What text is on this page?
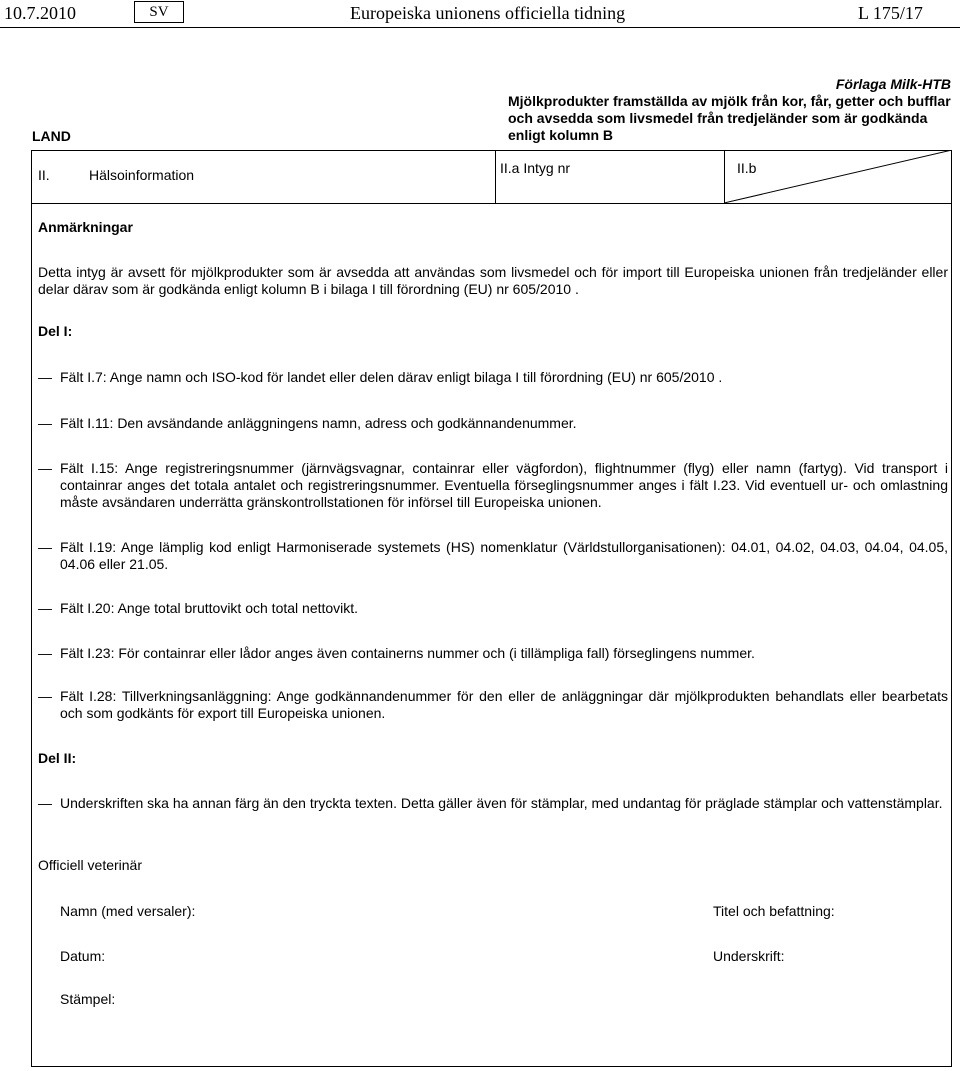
10.7.2010	SV	Europeiska unionens officiella tidning	L 175/17
Förlaga Milk-HTB
Mjölkprodukter framställda av mjölk från kor, får, getter och bufflar och avsedda som livsmedel från tredjeländer som är godkända enligt kolumn B
LAND
II.	Hälsoinformation	II.a Intyg nr	II.b
Anmärkningar
Detta intyg är avsett för mjölkprodukter som är avsedda att användas som livsmedel och för import till Europeiska unionen från tredjeländer eller delar därav som är godkända enligt kolumn B i bilaga I till förordning (EU) nr 605/2010 .
Del I:
— Fält I.7: Ange namn och ISO-kod för landet eller delen därav enligt bilaga I till förordning (EU) nr 605/2010 .
— Fält I.11: Den avsändande anläggningens namn, adress och godkännandenummer.
— Fält I.15: Ange registreringsnummer (järnvägsvagnar, containrar eller vägfordon), flightnummer (flyg) eller namn (fartyg). Vid transport i containrar anges det totala antalet och registreringsnummer. Eventuella förseglingsnummer anges i fält I.23. Vid eventuell ur- och omlastning måste avsändaren underrätta gränskontrollstationen för införsel till Europeiska unionen.
— Fält I.19: Ange lämplig kod enligt Harmoniserade systemets (HS) nomenklatur (Världstullorganisationen): 04.01, 04.02, 04.03, 04.04, 04.05, 04.06 eller 21.05.
— Fält I.20: Ange total bruttovikt och total nettovikt.
— Fält I.23: För containrar eller lådor anges även containerns nummer och (i tillämpliga fall) förseglingens nummer.
— Fält I.28: Tillverkningsanläggning: Ange godkännandenummer för den eller de anläggningar där mjölkprodukten behandlats eller bearbetats och som godkänts för export till Europeiska unionen.
Del II:
— Underskriften ska ha annan färg än den tryckta texten. Detta gäller även för stämplar, med undantag för präglade stämplar och vattenstämplar.
Officiell veterinär
Namn (med versaler):	Titel och befattning:
Datum:	Underskrift:
Stämpel:
